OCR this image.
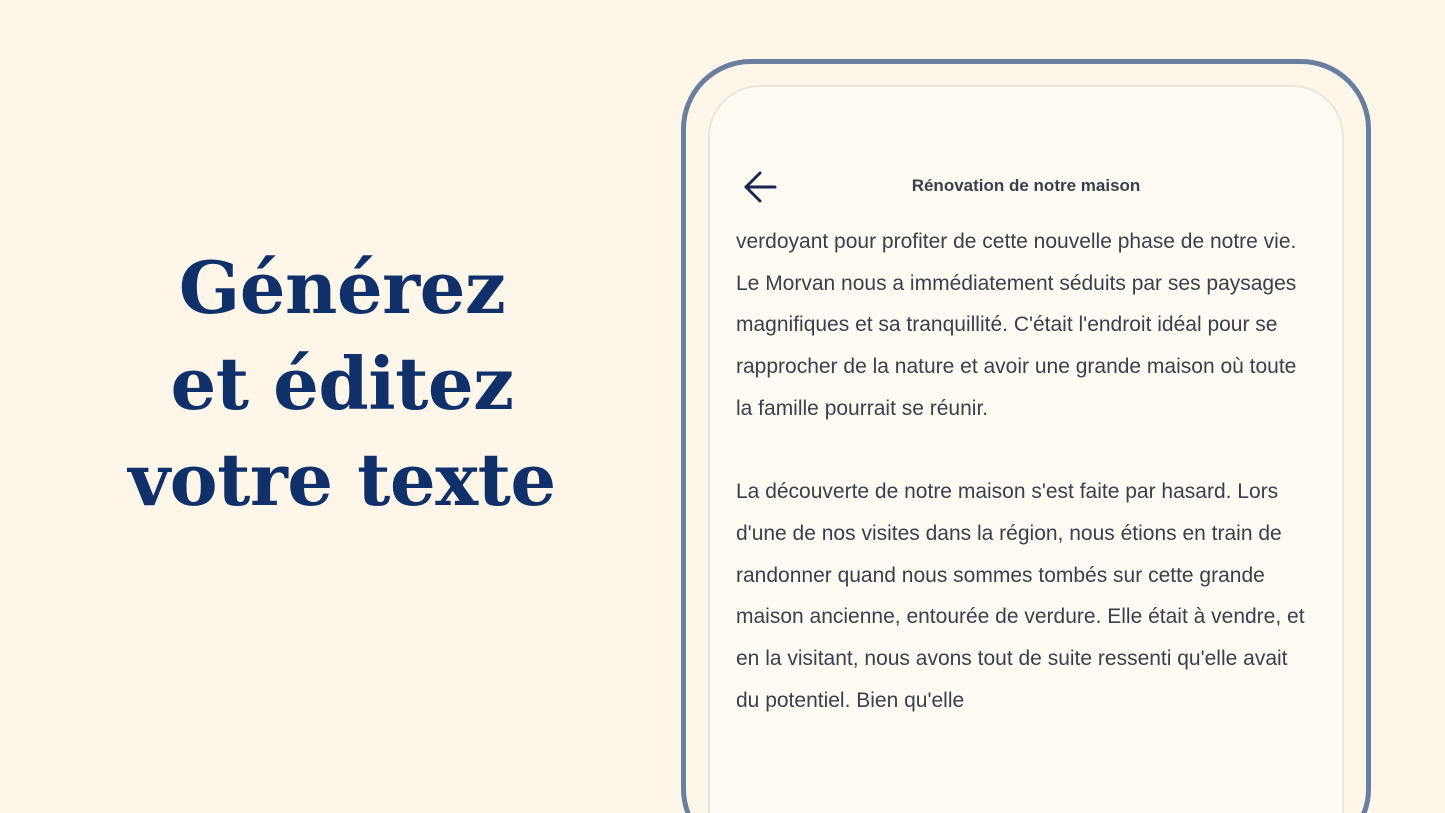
Générez
et éditez
votre texte
Rénovation de notre maison

verdoyant pour profiter de cette nouvelle phase de notre vie. Le Morvan nous a immédiatement séduits par ses paysages magnifiques et sa tranquillité. C'était l'endroit idéal pour se rapprocher de la nature et avoir une grande maison où toute la famille pourrait se réunir.

La découverte de notre maison s'est faite par hasard. Lors d'une de nos visites dans la région, nous étions en train de randonner quand nous sommes tombés sur cette grande maison ancienne, entourée de verdure. Elle était à vendre, et en la visitant, nous avons tout de suite ressenti qu'elle avait du potentiel. Bien qu'elle
